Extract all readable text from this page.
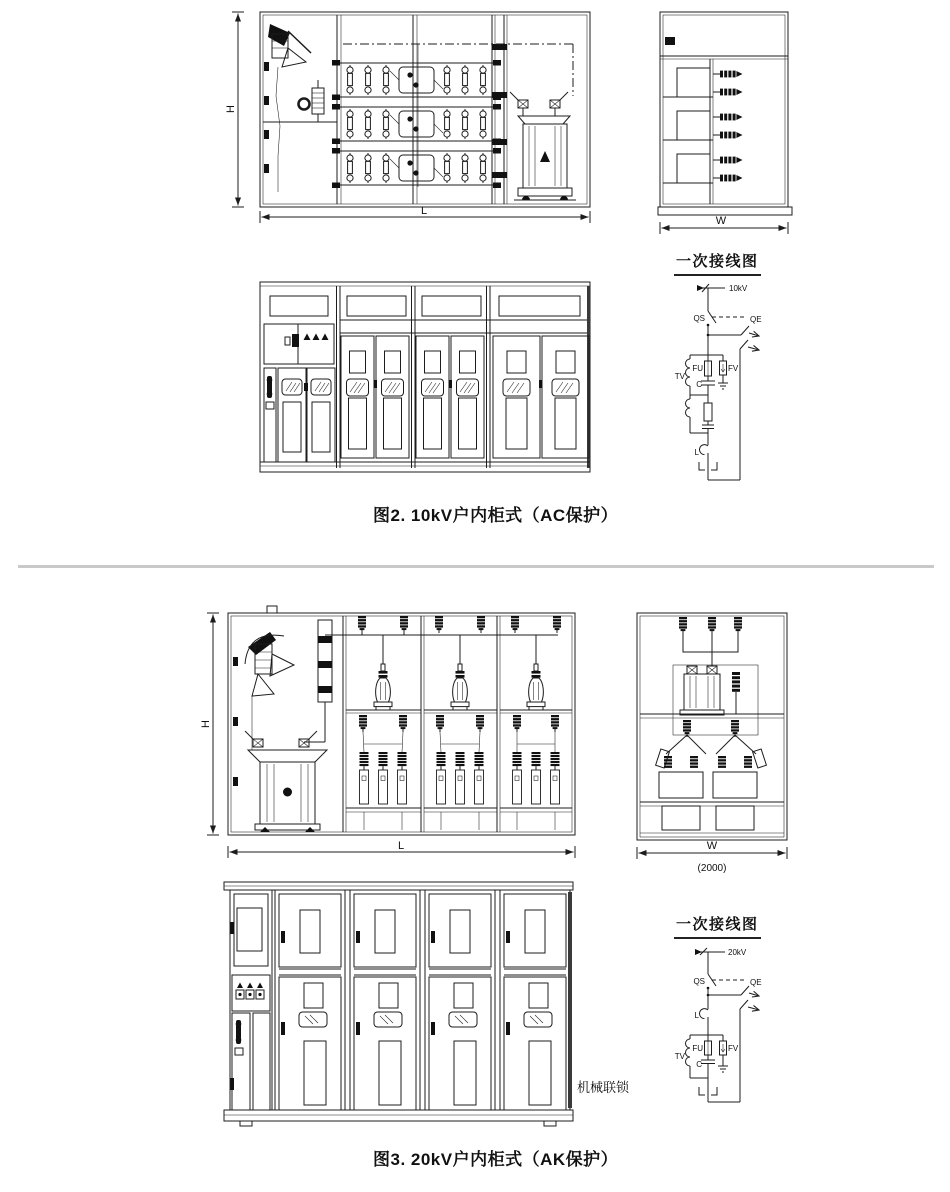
H
L
W
一次接线图
10kV
QS	QE
TV
FU
C
FV
L
图2. 10kV户内柜式（AC保护）
H
L	W
(2000)
一次接线图
20kV
QS	QE
L
TV
FU
C
FV
机械联锁
图3. 20kV户内柜式（AK保护）
